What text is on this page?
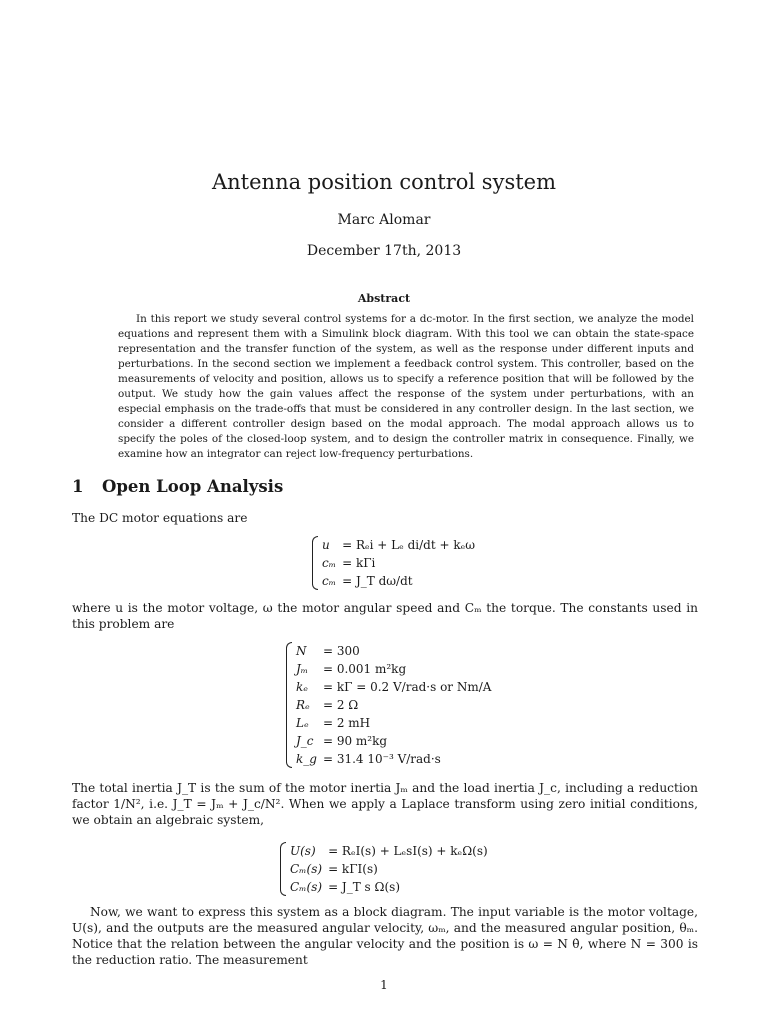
Antenna position control system
Marc Alomar
December 17th, 2013
Abstract

In this report we study several control systems for a dc-motor. In the first section, we analyze the model equations and represent them with a Simulink block diagram. With this tool we can obtain the state-space representation and the transfer function of the system, as well as the response under different inputs and perturbations. In the second section we implement a feedback control system. This controller, based on the measurements of velocity and position, allows us to specify a reference position that will be followed by the output. We study how the gain values affect the response of the system under perturbations, with an especial emphasis on the trade-offs that must be considered in any controller design. In the last section, we consider a different controller design based on the modal approach. The modal approach allows us to specify the poles of the closed-loop system, and to design the controller matrix in consequence. Finally, we examine how an integrator can reject low-frequency perturbations.

1 Open Loop Analysis

The DC motor equations are

u	= Rₑi + Lₑ di/dt + kₑω
cₘ	= kΓi
cₘ	= J_T dω/dt

where u is the motor voltage, ω the motor angular speed and Cₘ the torque. The constants used in this problem are

N	= 300
Jₘ	= 0.001 m²kg
kₑ	= kΓ = 0.2 V/rad·s or Nm/A
Rₑ	= 2 Ω
Lₑ	= 2 mH
J_c	= 90 m²kg
k_g	= 31.4 10⁻³ V/rad·s

The total inertia J_T is the sum of the motor inertia Jₘ and the load inertia J_c, including a reduction factor 1/N², i.e. J_T = Jₘ + J_c/N². When we apply a Laplace transform using zero initial conditions, we obtain an algebraic system,

U(s)	= RₑI(s) + LₑsI(s) + kₑΩ(s)
Cₘ(s)	= kΓI(s)
Cₘ(s)	= J_T s Ω(s)

Now, we want to express this system as a block diagram. The input variable is the motor voltage, U(s), and the outputs are the measured angular velocity, ωₘ, and the measured angular position, θₘ. Notice that the relation between the angular velocity and the position is ω = N θ̇, where N = 300 is the reduction ratio. The measurement

1
